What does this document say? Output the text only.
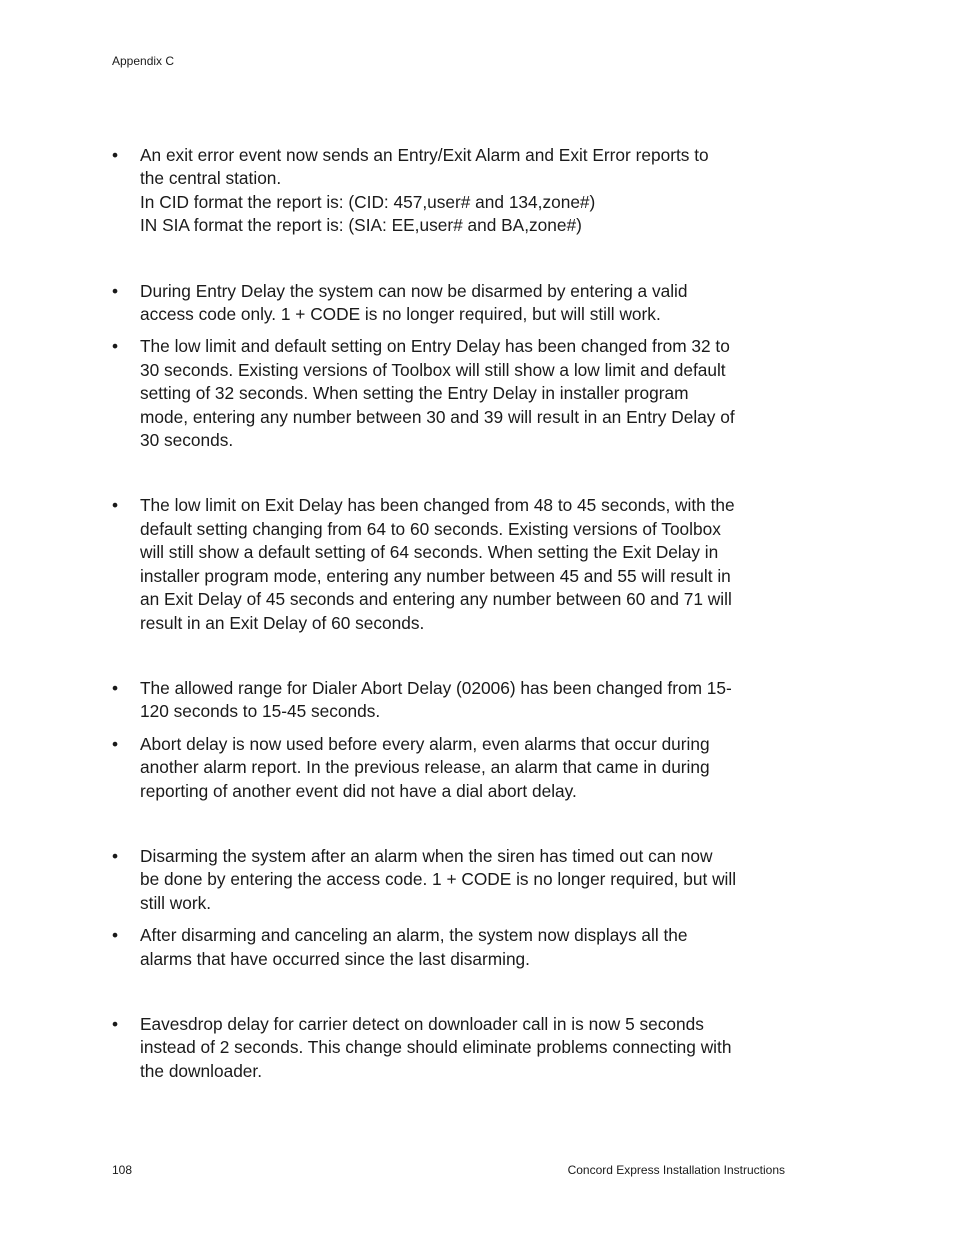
Appendix C
• An exit error event now sends an Entry/Exit Alarm and Exit Error reports to
the central station.
In CID format the report is: (CID: 457,user# and 134,zone#)
IN SIA format the report is: (SIA: EE,user# and BA,zone#)
• During Entry Delay the system can now be disarmed by entering a valid
access code only. 1 + CODE is no longer required, but will still work.
• The low limit and default setting on Entry Delay has been changed from 32 to
30 seconds. Existing versions of Toolbox will still show a low limit and default
setting of 32 seconds. When setting the Entry Delay in installer program
mode, entering any number between 30 and 39 will result in an Entry Delay of
30 seconds.
• The low limit on Exit Delay has been changed from 48 to 45 seconds, with the
default setting changing from 64 to 60 seconds. Existing versions of Toolbox
will still show a default setting of 64 seconds. When setting the Exit Delay in
installer program mode, entering any number between 45 and 55 will result in
an Exit Delay of 45 seconds and entering any number between 60 and 71 will
result in an Exit Delay of 60 seconds.
• The allowed range for Dialer Abort Delay (02006) has been changed from 15-
120 seconds to 15-45 seconds.
• Abort delay is now used before every alarm, even alarms that occur during
another alarm report. In the previous release, an alarm that came in during
reporting of another event did not have a dial abort delay.
• Disarming the system after an alarm when the siren has timed out can now
be done by entering the access code. 1 + CODE is no longer required, but will
still work.
• After disarming and canceling an alarm, the system now displays all the
alarms that have occurred since the last disarming.
• Eavesdrop delay for carrier detect on downloader call in is now 5 seconds
instead of 2 seconds. This change should eliminate problems connecting with
the downloader.
108	Concord Express Installation Instructions
